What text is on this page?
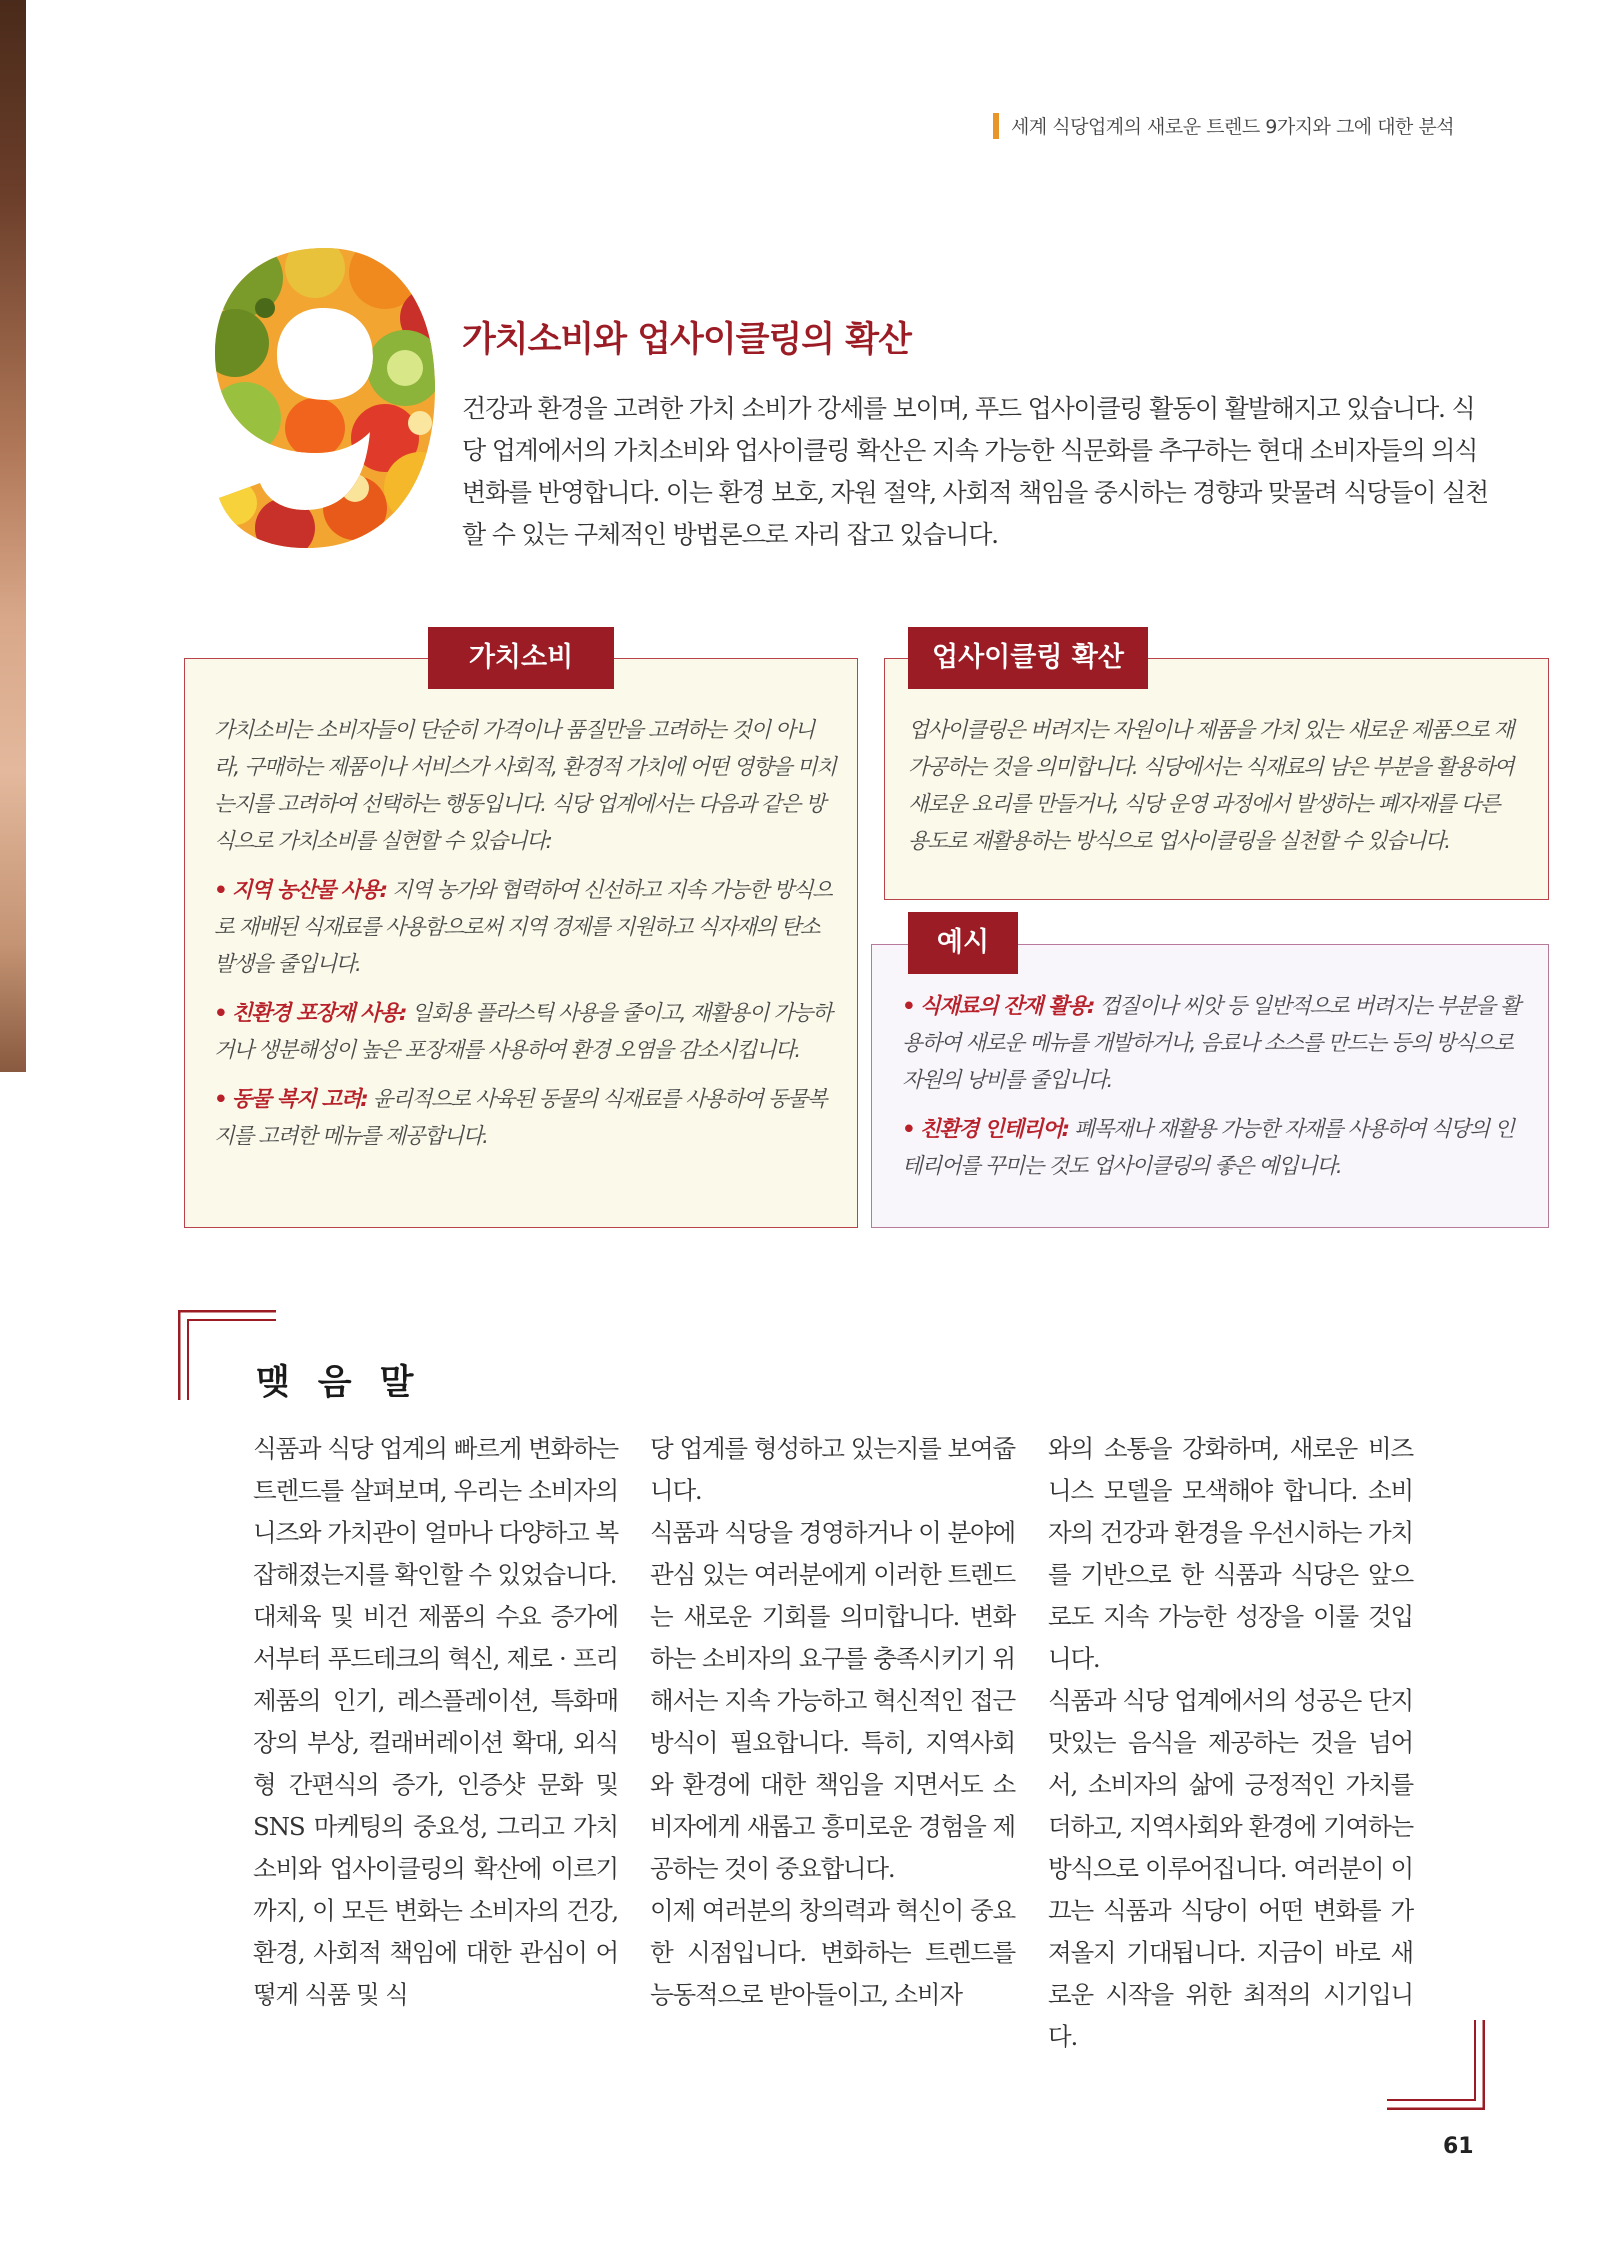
세계 식당업계의 새로운 트렌드 9가지와 그에 대한 분석
가치소비와 업사이클링의 확산
건강과 환경을 고려한 가치 소비가 강세를 보이며, 푸드 업사이클링 활동이 활발해지고 있습니다. 식당 업계에서의 가치소비와 업사이클링 확산은 지속 가능한 식문화를 추구하는 현대 소비자들의 의식 변화를 반영합니다. 이는 환경 보호, 자원 절약, 사회적 책임을 중시하는 경향과 맞물려 식당들이 실천할 수 있는 구체적인 방법론으로 자리 잡고 있습니다.
가치소비

가치소비는 소비자들이 단순히 가격이나 품질만을 고려하는 것이 아니라, 구매하는 제품이나 서비스가 사회적, 환경적 가치에 어떤 영향을 미치는지를 고려하여 선택하는 행동입니다. 식당 업계에서는 다음과 같은 방식으로 가치소비를 실현할 수 있습니다:

• 지역 농산물 사용: 지역 농가와 협력하여 신선하고 지속 가능한 방식으로 재배된 식재료를 사용함으로써 지역 경제를 지원하고 식자재의 탄소 발생을 줄입니다.

• 친환경 포장재 사용: 일회용 플라스틱 사용을 줄이고, 재활용이 가능하거나 생분해성이 높은 포장재를 사용하여 환경 오염을 감소시킵니다.

• 동물 복지 고려: 윤리적으로 사육된 동물의 식재료를 사용하여 동물복지를 고려한 메뉴를 제공합니다.

업사이클링 확산

업사이클링은 버려지는 자원이나 제품을 가치 있는 새로운 제품으로 재가공하는 것을 의미합니다. 식당에서는 식재료의 남은 부분을 활용하여 새로운 요리를 만들거나, 식당 운영 과정에서 발생하는 폐자재를 다른 용도로 재활용하는 방식으로 업사이클링을 실천할 수 있습니다.

예시

• 식재료의 잔재 활용: 껍질이나 씨앗 등 일반적으로 버려지는 부분을 활용하여 새로운 메뉴를 개발하거나, 음료나 소스를 만드는 등의 방식으로 자원의 낭비를 줄입니다.

• 친환경 인테리어: 폐목재나 재활용 가능한 자재를 사용하여 식당의 인테리어를 꾸미는 것도 업사이클링의 좋은 예입니다.

맺음말

식품과 식당 업계의 빠르게 변화하는 트렌드를 살펴보며, 우리는 소비자의 니즈와 가치관이 얼마나 다양하고 복잡해졌는지를 확인할 수 있었습니다.

대체육 및 비건 제품의 수요 증가에서부터 푸드테크의 혁신, 제로 · 프리 제품의 인기, 레스플레이션, 특화매장의 부상, 컬래버레이션 확대, 외식형 간편식의 증가, 인증샷 문화 및 SNS 마케팅의 중요성, 그리고 가치소비와 업사이클링의 확산에 이르기까지, 이 모든 변화는 소비자의 건강, 환경, 사회적 책임에 대한 관심이 어떻게 식품 및 식

당 업계를 형성하고 있는지를 보여줍니다.

식품과 식당을 경영하거나 이 분야에 관심 있는 여러분에게 이러한 트렌드는 새로운 기회를 의미합니다. 변화하는 소비자의 요구를 충족시키기 위해서는 지속 가능하고 혁신적인 접근 방식이 필요합니다. 특히, 지역사회와 환경에 대한 책임을 지면서도 소비자에게 새롭고 흥미로운 경험을 제공하는 것이 중요합니다.

이제 여러분의 창의력과 혁신이 중요한 시점입니다. 변화하는 트렌드를 능동적으로 받아들이고, 소비자

와의 소통을 강화하며, 새로운 비즈니스 모델을 모색해야 합니다. 소비자의 건강과 환경을 우선시하는 가치를 기반으로 한 식품과 식당은 앞으로도 지속 가능한 성장을 이룰 것입니다.

식품과 식당 업계에서의 성공은 단지 맛있는 음식을 제공하는 것을 넘어서, 소비자의 삶에 긍정적인 가치를 더하고, 지역사회와 환경에 기여하는 방식으로 이루어집니다. 여러분이 이끄는 식품과 식당이 어떤 변화를 가져올지 기대됩니다. 지금이 바로 새로운 시작을 위한 최적의 시기입니다.

61
